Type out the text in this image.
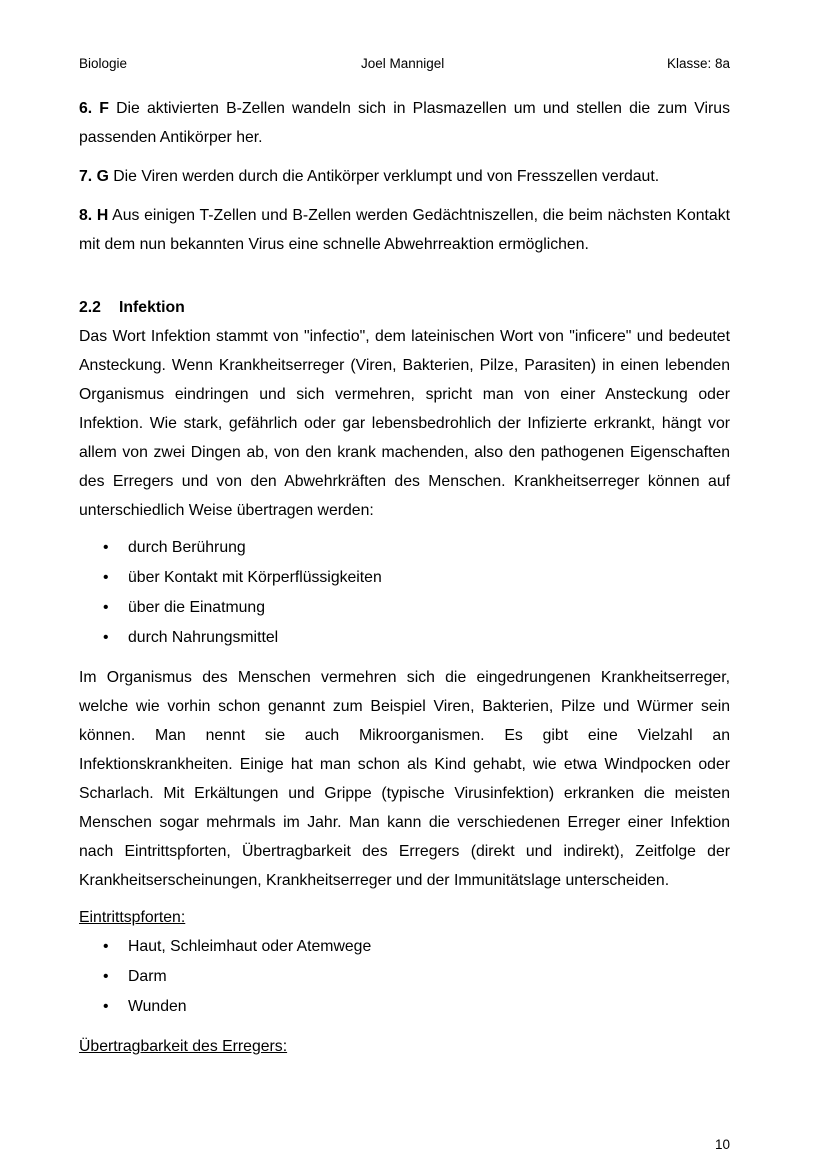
Biologie	Joel Mannigel	Klasse: 8a

6. F Die aktivierten B-Zellen wandeln sich in Plasmazellen um und stellen die zum Virus passenden Antikörper her.

7. G Die Viren werden durch die Antikörper verklumpt und von Fresszellen verdaut.

8. H Aus einigen T-Zellen und B-Zellen werden Gedächtniszellen, die beim nächsten Kontakt mit dem nun bekannten Virus eine schnelle Abwehrreaktion ermöglichen.

2.2 Infektion

Das Wort Infektion stammt von "infectio", dem lateinischen Wort von "inficere" und bedeutet Ansteckung. Wenn Krankheitserreger (Viren, Bakterien, Pilze, Parasiten) in einen lebenden Organismus eindringen und sich vermehren, spricht man von einer Ansteckung oder Infektion. Wie stark, gefährlich oder gar lebensbedrohlich der Infizierte erkrankt, hängt vor allem von zwei Dingen ab, von den krank machenden, also den pathogenen Eigenschaften des Erregers und von den Abwehrkräften des Menschen. Krankheitserreger können auf unterschiedlich Weise übertragen werden:

• durch Berührung
• über Kontakt mit Körperflüssigkeiten
• über die Einatmung
• durch Nahrungsmittel

Im Organismus des Menschen vermehren sich die eingedrungenen Krankheitserreger, welche wie vorhin schon genannt zum Beispiel Viren, Bakterien, Pilze und Würmer sein können. Man nennt sie auch Mikroorganismen. Es gibt eine Vielzahl an Infektionskrankheiten. Einige hat man schon als Kind gehabt, wie etwa Windpocken oder Scharlach. Mit Erkältungen und Grippe (typische Virusinfektion) erkranken die meisten Menschen sogar mehrmals im Jahr. Man kann die verschiedenen Erreger einer Infektion nach Eintrittspforten, Übertragbarkeit des Erregers (direkt und indirekt), Zeitfolge der Krankheitserscheinungen, Krankheitserreger und der Immunitätslage unterscheiden.

Eintrittspforten:
• Haut, Schleimhaut oder Atemwege
• Darm
• Wunden
Übertragbarkeit des Erregers:
10
